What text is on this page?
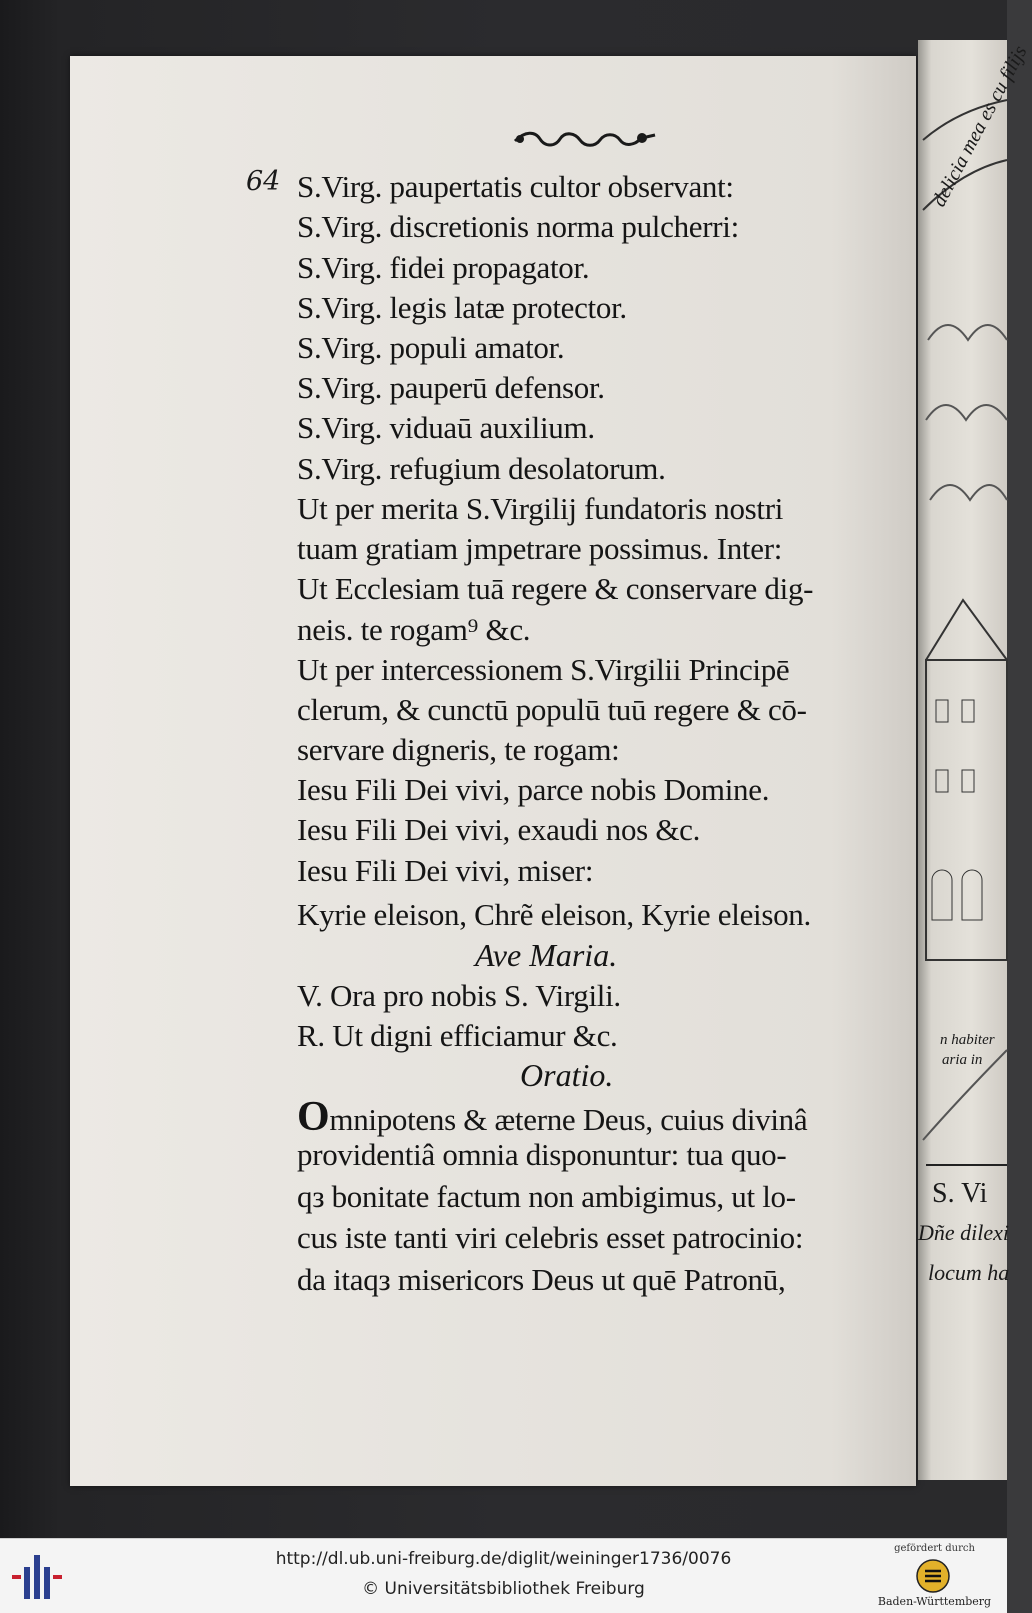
64 S.Virg. paupertatis cultor observant:
S.Virg. discretionis norma pulcherri:
S.Virg. fidei propagator.
S.Virg. legis latæ protector.
S.Virg. populi amator.
S.Virg. pauperū defensor.
S.Virg. viduaū auxilium.
S.Virg. refugium desolatorum.
Ut per merita S.Virgilij fundatoris nostri
tuam gratiam jmpetrare possimus. Inter:
Ut Ecclesiam tuā regere & conservare dig-
neis. te rogam⁹ &c.
Ut per intercessionem S.Virgilii Principē
clerum, & cunctū populū tuū regere & cō-
servare digneris, te rogam:
Iesu Fili Dei vivi, parce nobis Domine.
Iesu Fili Dei vivi, exaudi nos &c.
Iesu Fili Dei vivi, miser:
Kyrie eleison, Chrẽ eleison, Kyrie eleison.
Ave Maria.
V. Ora pro nobis S. Virgili.
R. Ut digni efficiamur &c.
Oratio.
Omnipotens & æterne Deus, cuius divinâ
providentiâ omnia disponuntur: tua quo-
qз bonitate factum non ambigimus, ut lo-
cus iste tanti viri celebris esset patrocinio:
da itaqз misericors Deus ut quē Patronū,
delicia mea es cu filijs
n habiter
aria in
S. Vi
Dñe dilexi
locum ha
http://dl.ub.uni-freiburg.de/diglit/weininger1736/0076
© Universitätsbibliothek Freiburg
gefördert durch
Baden-Württemberg
